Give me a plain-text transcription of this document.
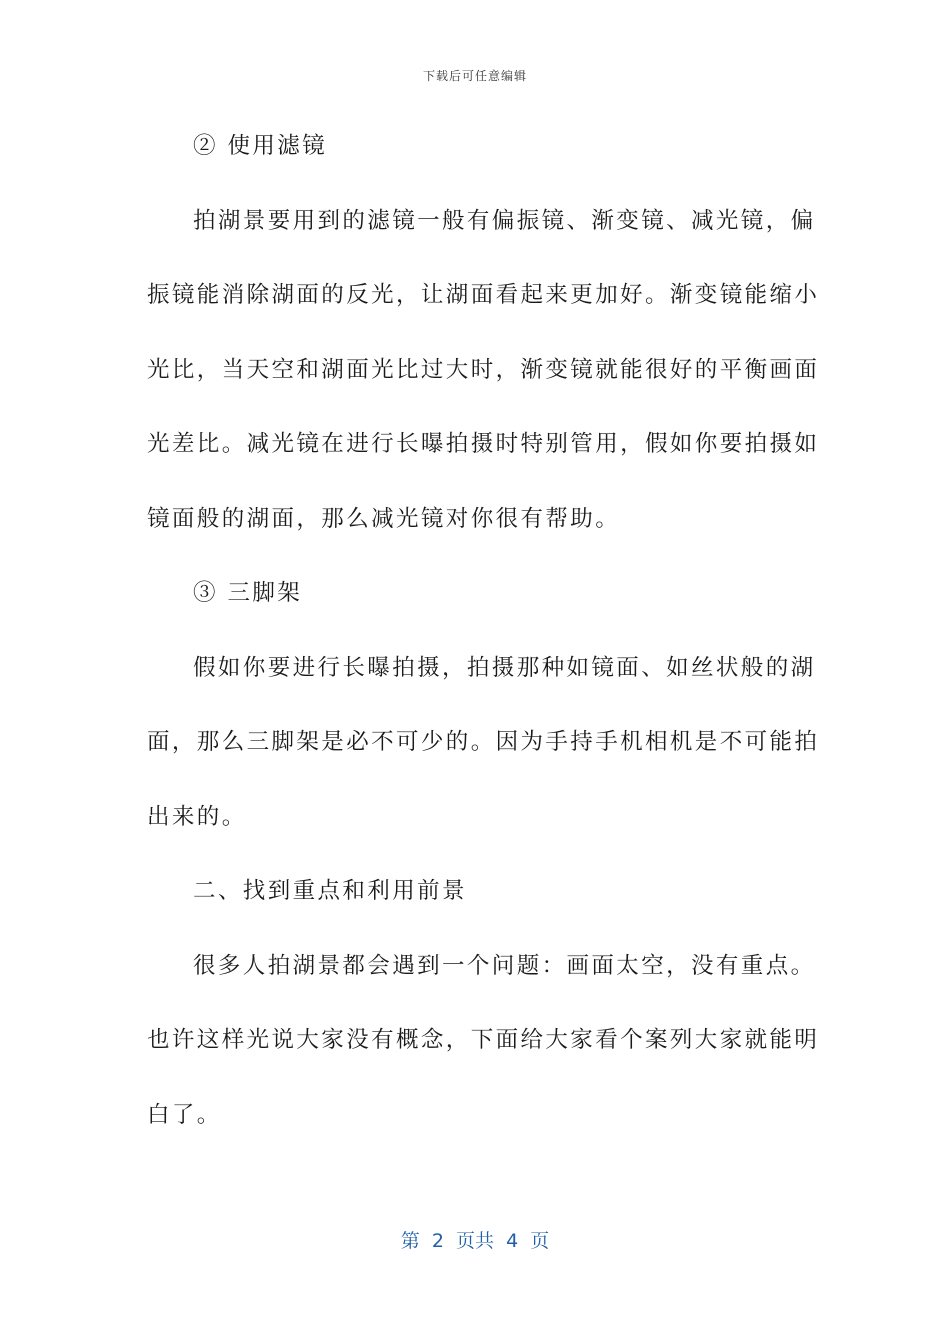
下载后可任意编辑
② 使用滤镜
拍湖景要用到的滤镜一般有偏振镜、渐变镜、减光镜，偏
振镜能消除湖面的反光，让湖面看起来更加好。渐变镜能缩小
光比，当天空和湖面光比过大时，渐变镜就能很好的平衡画面
光差比。减光镜在进行长曝拍摄时特别管用，假如你要拍摄如
镜面般的湖面，那么减光镜对你很有帮助。
③ 三脚架
假如你要进行长曝拍摄，拍摄那种如镜面、如丝状般的湖
面，那么三脚架是必不可少的。因为手持手机相机是不可能拍
出来的。
二、找到重点和利用前景
很多人拍湖景都会遇到一个问题：画面太空，没有重点。
也许这样光说大家没有概念，下面给大家看个案列大家就能明
白了。
第  2  页共  4  页
